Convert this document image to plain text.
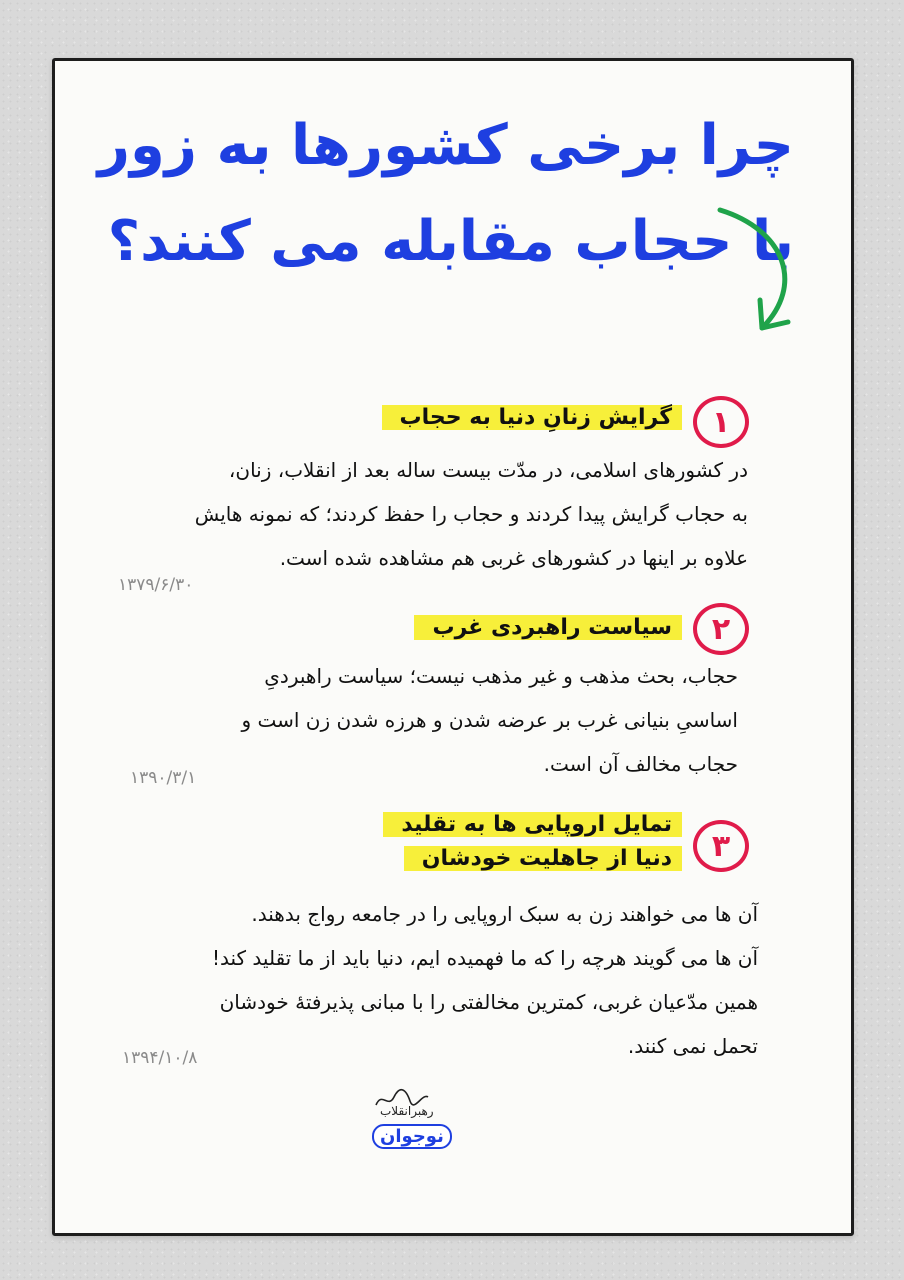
چرا برخی کشورها به زور
با حجاب مقابله می کنند؟
۱
گرایش زنانِ دنیا به حجاب
در کشورهای اسلامی، در مدّت بیست ساله بعد از انقلاب، زنان،
به حجاب گرایش پیدا کردند و حجاب را حفظ کردند؛ که نمونه هایش
علاوه بر اینها در کشورهای غربی هم مشاهده شده است.
۱۳۷۹/۶/۳۰
۲
سیاست راهبردی غرب
حجاب، بحث مذهب و غیر مذهب نیست؛ سیاست راهبردیِ
اساسیِ بنیانی غرب بر عرضه شدن و هرزه شدن زن است و
حجاب مخالف آن است.
۱۳۹۰/۳/۱
۳
تمایل اروپایی ها به تقلید
دنیا از جاهلیت خودشان
آن ها می خواهند زن به سبک اروپایی را در جامعه رواج بدهند.
آن ها می گویند هرچه را که ما فهمیده ایم، دنیا باید از ما تقلید کند!
همین مدّعیان غربی، کمترین مخالفتی را با مبانی پذیرفتهٔ خودشان
تحمل نمی کنند.
۱۳۹۴/۱۰/۸
رهبرانقلاب
نوجوان
